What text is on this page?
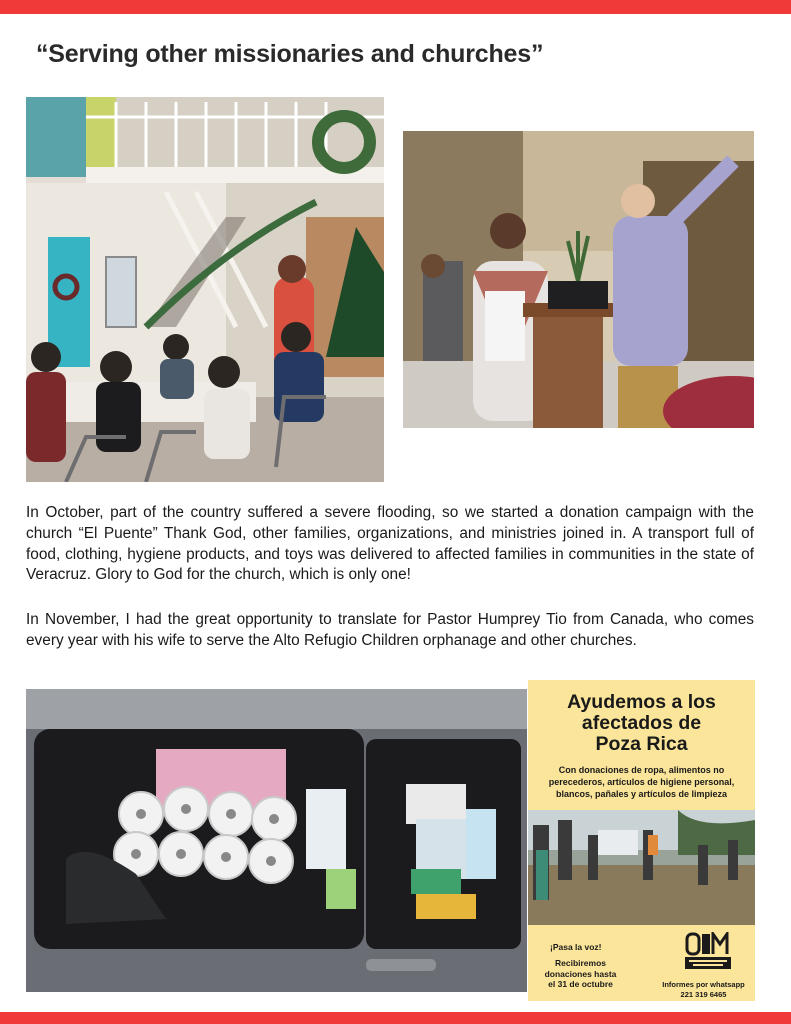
“Serving other missionaries and churches”

In October, part of the country suffered a severe flooding, so we started a donation campaign with the church “El Puente” Thank God, other families, organizations, and ministries joined in. A transport full of food, clothing, hygiene products, and toys was delivered to affected families in communities in the state of Veracruz. Glory to God for the church, which is only one!

In November, I had the great opportunity to translate for Pastor Humprey Tio from Canada, who comes every year with his wife to serve the Alto Refugio Children orphanage and other churches.

Ayudemos a los
afectados de
Poza Rica
Con donaciones de ropa, alimentos no perecederos, artículos de higiene personal, blancos, pañales y artículos de limpieza
¡Pasa la voz!
Recibiremos
donaciones hasta
el 31 de octubre	Informes por whatsapp
221 319 6465
